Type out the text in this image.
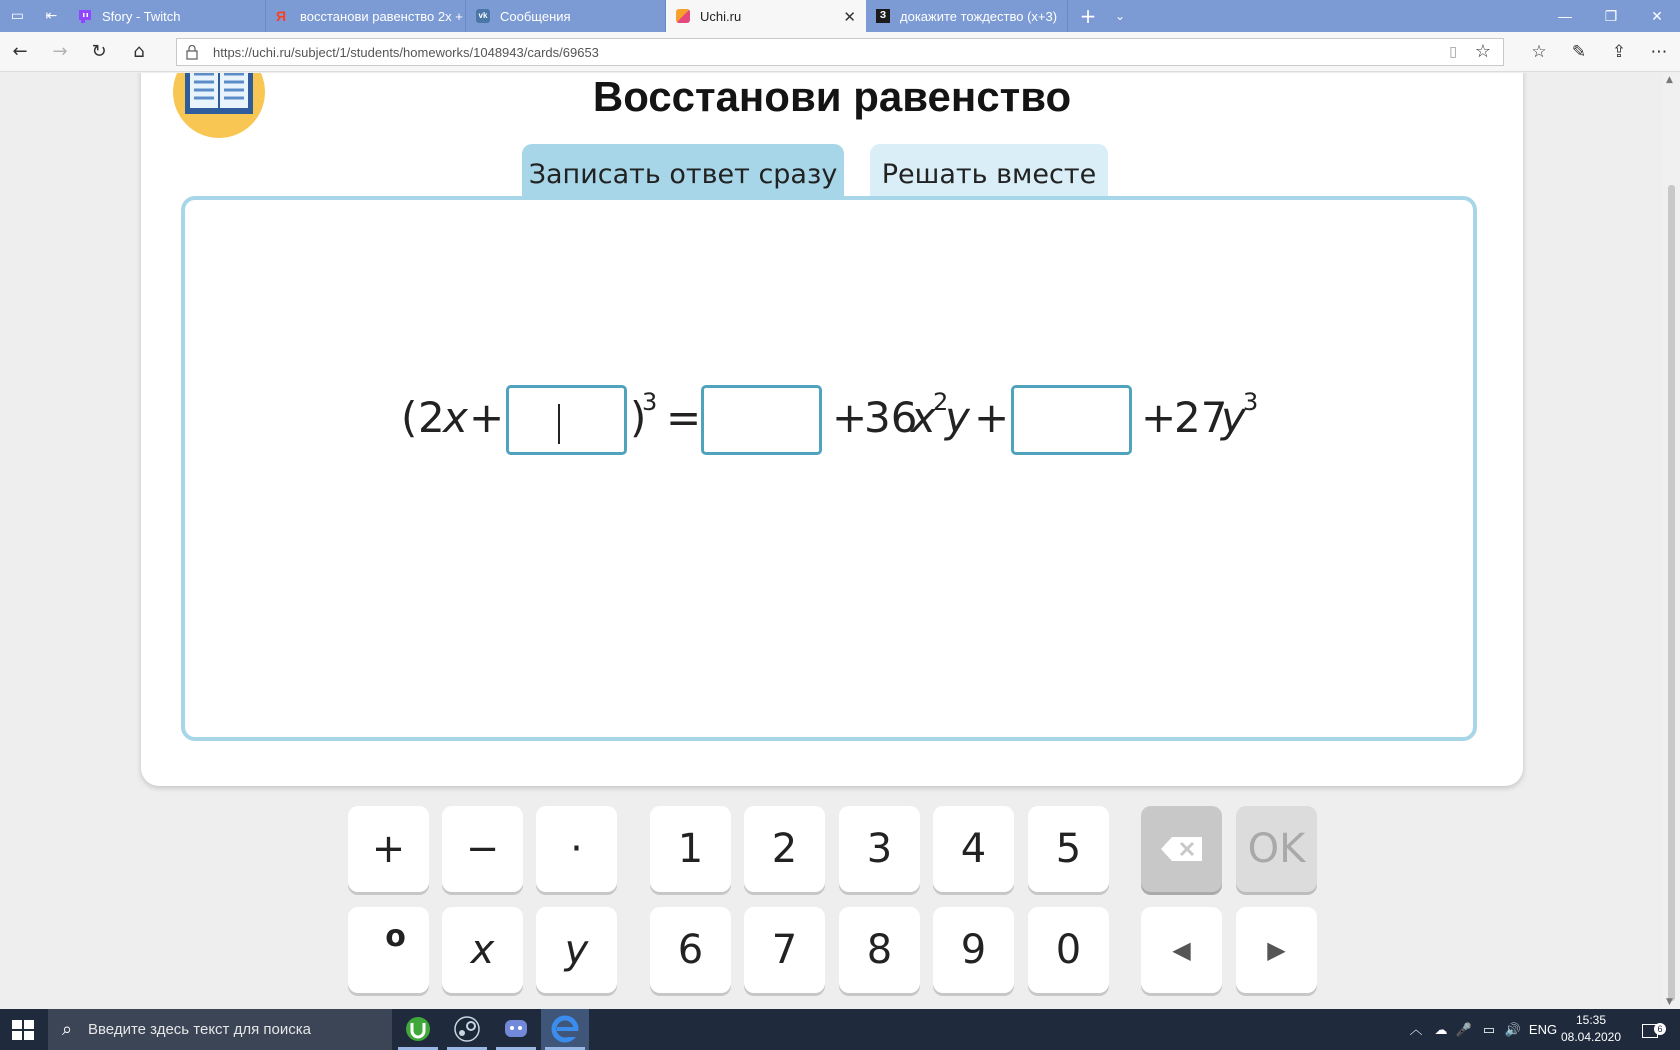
▭ ⇤	Sfory - Twitch	Я	восстанови равенство 2х +	vk Сообщения	Uchi.ru	✕	З докажите тождество (х+3) +	⌄	—	❐	✕
←	→	↻	⌂	https://uchi.ru/subject/1/students/homeworks/1048943/cards/69653	▯ ☆	☆	✎	⇪	⋯
Восстанови равенство
Записать ответ сразу	Решать вместе
( 2
x +	)
3 =	+
36
x
2
y +	+
27
y
3
+	−	·	1	2	3	4	5	OK
o	x	y	6	7	8	9	0	◀	▶
▲
▼
⌕ Введите здесь текст для поиска	︿ ☁ 🎤 ▭ 🔊 ENG
15:35
08.04.2020
6
